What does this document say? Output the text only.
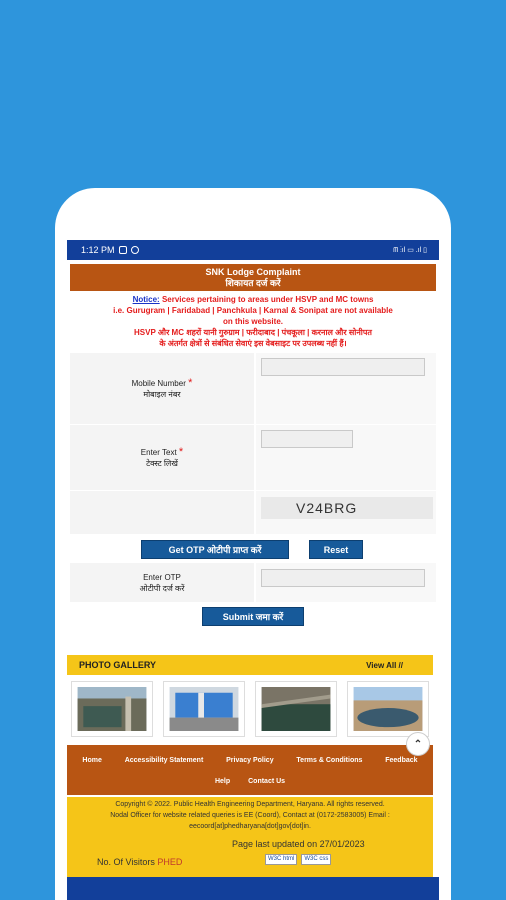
1:12 PM	ᗰ ⁝ıl ▭ .ıl ▯
SNK Lodge Complaint
शिकायत दर्ज करें
Notice: Services pertaining to areas under HSVP and MC towns
i.e. Gurugram | Faridabad | Panchkula | Karnal & Sonipat are not available
on this website.
HSVP और MC शहरों यानी गुरुग्राम | फरीदाबाद | पंचकूला | करनाल और सोनीपत
के अंतर्गत क्षेत्रों से संबंधित सेवाएं इस वेबसाइट पर उपलब्ध नहीं हैं।
Mobile Number *
मोबाइल नंबर
Enter Text *
टेक्स्ट लिखें
V24BRG
Get OTP ओटीपी प्राप्त करें	Reset
Enter OTP
ओटीपी दर्ज करें
Submit जमा करें
PHOTO GALLERY	View All //
⌃
Home	Accessibility Statement	Privacy Policy	Terms & Conditions	Feedback
Help	Contact Us
Copyright © 2022. Public Health Engineering Department, Haryana. All rights reserved.
Nodal Officer for website related queries is EE (Coord), Contact at (0172-2583005) Email :
eecoord[at]phedharyana[dot]gov[dot]in.
Page last updated on 27/01/2023
No. Of Visitors PHED	W3C html	W3C css
